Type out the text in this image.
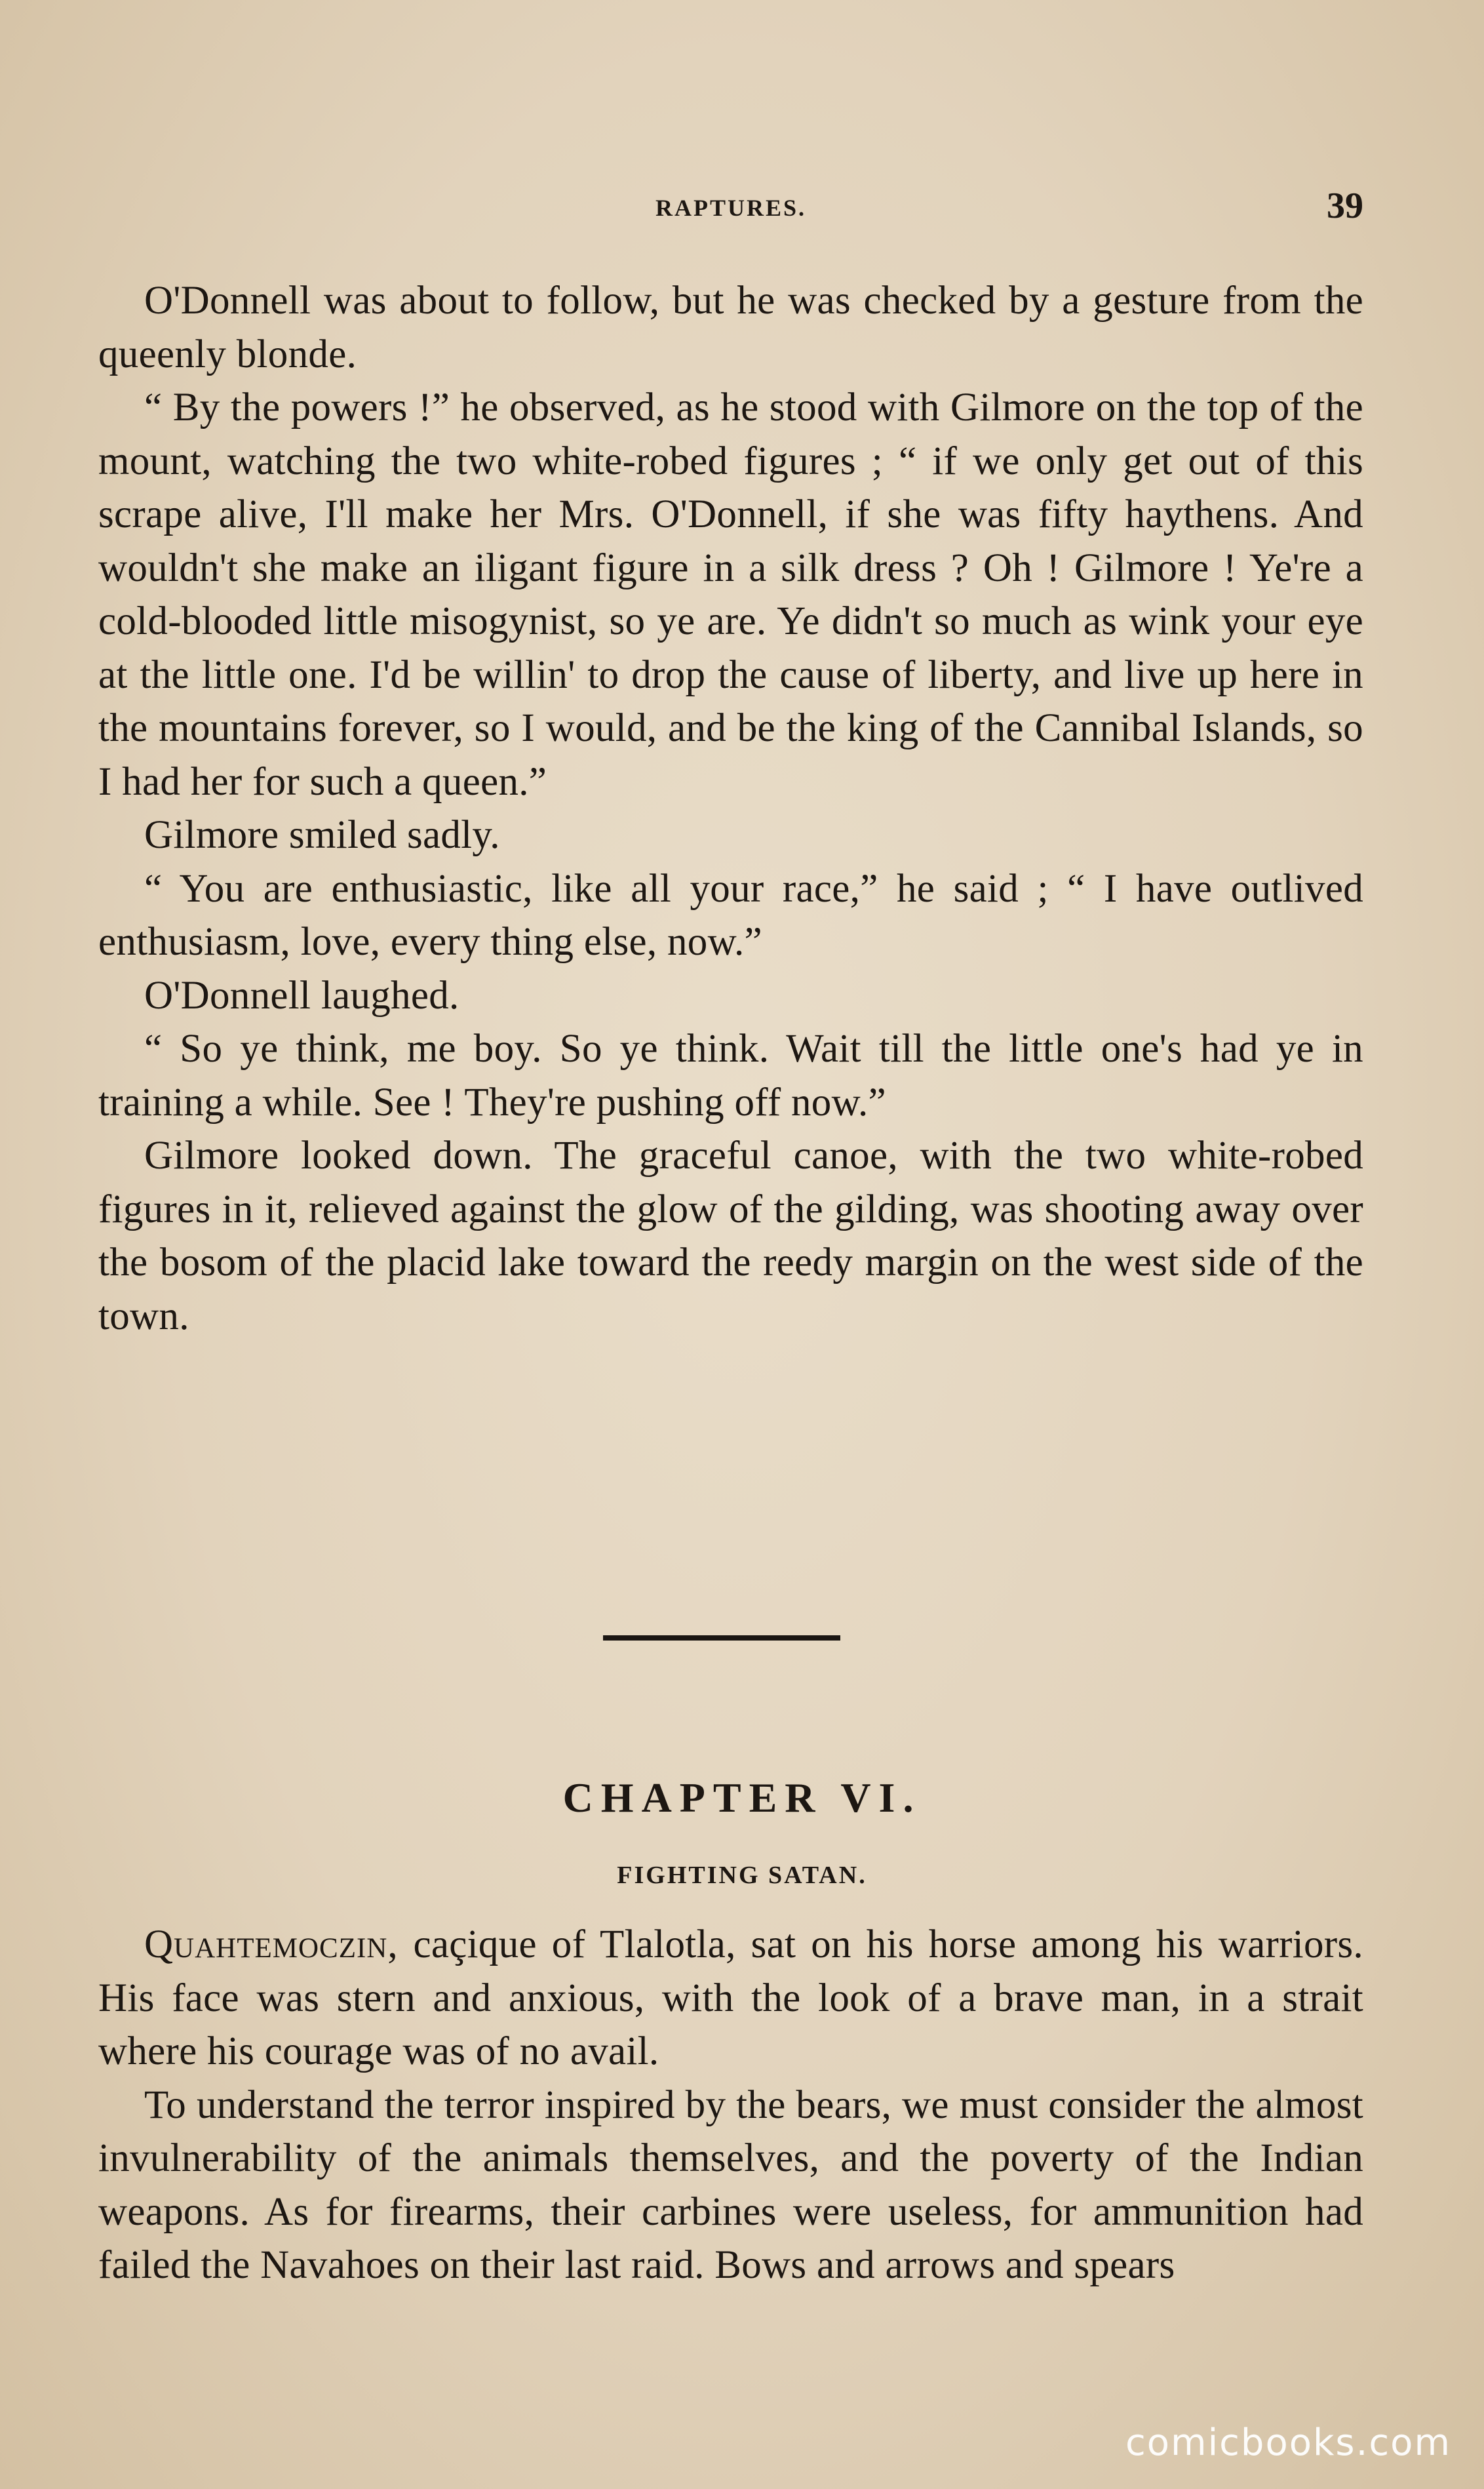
RAPTURES.	39

O'Donnell was about to follow, but he was checked by a gesture from the queenly blonde.

“ By the powers !” he observed, as he stood with Gilmore on the top of the mount, watching the two white-robed figures ; “ if we only get out of this scrape alive, I'll make her Mrs. O'Donnell, if she was fifty haythens. And wouldn't she make an iligant figure in a silk dress ? Oh ! Gilmore ! Ye're a cold-blooded little misogynist, so ye are. Ye didn't so much as wink your eye at the little one. I'd be willin' to drop the cause of liberty, and live up here in the mountains forever, so I would, and be the king of the Cannibal Islands, so I had her for such a queen.”

Gilmore smiled sadly.

“ You are enthusiastic, like all your race,” he said ; “ I have outlived enthusiasm, love, every thing else, now.”

O'Donnell laughed.

“ So ye think, me boy. So ye think. Wait till the little one's had ye in training a while. See ! They're pushing off now.”

Gilmore looked down. The graceful canoe, with the two white-robed figures in it, relieved against the glow of the gilding, was shooting away over the bosom of the placid lake toward the reedy margin on the west side of the town.

CHAPTER VI.
FIGHTING SATAN.

Quahtemoczin, caçique of Tlalotla, sat on his horse among his warriors. His face was stern and anxious, with the look of a brave man, in a strait where his courage was of no avail.

To understand the terror inspired by the bears, we must consider the almost invulnerability of the animals themselves, and the poverty of the Indian weapons. As for firearms, their carbines were useless, for ammunition had failed the Navahoes on their last raid. Bows and arrows and spears

comicbooks.com
